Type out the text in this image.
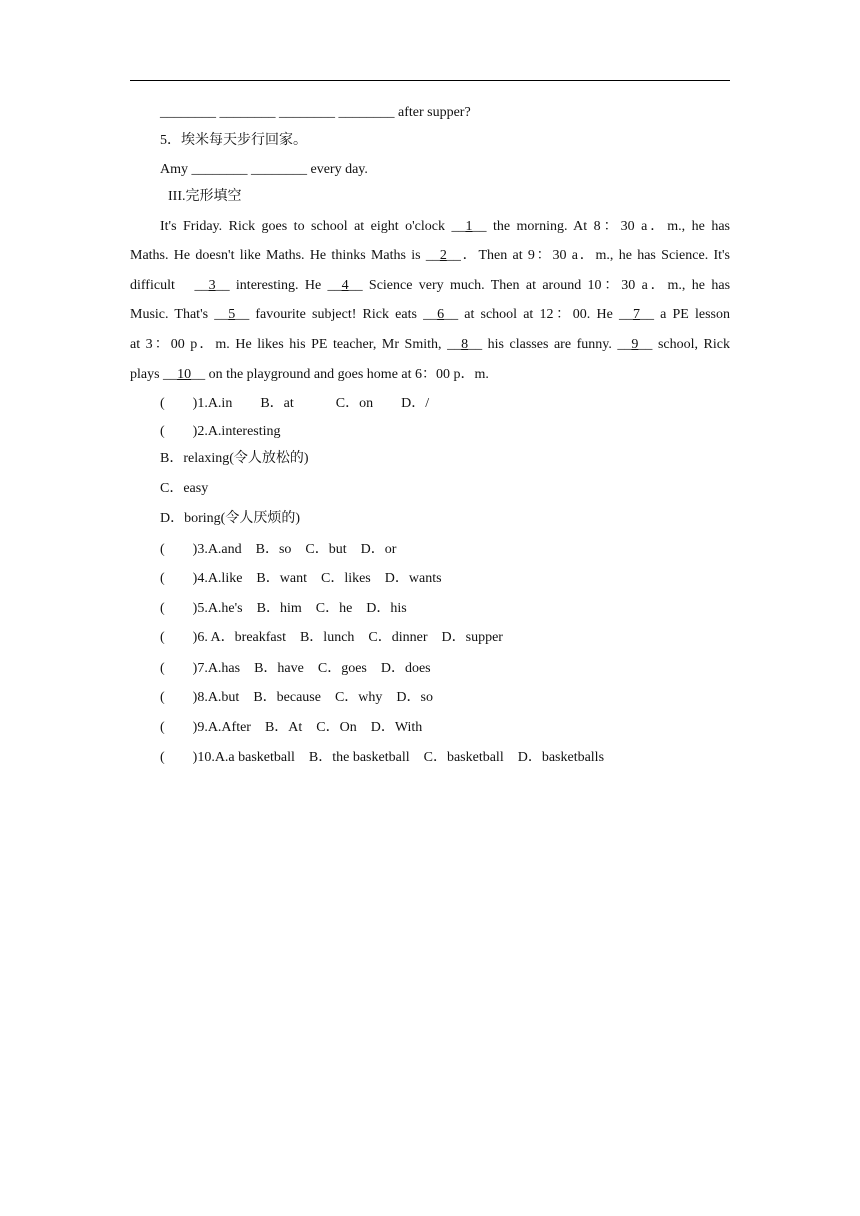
________ ________ ________ ________ after supper?
5．埃米每天步行回家。
Amy ________ ________ every day.
III.完形填空
It's Friday. Rick goes to school at eight o'clock __1__ the morning. At 8：30 a．m., he has
Maths. He doesn't like Maths. He thinks Maths is __2__．Then at 9：30 a．m., he has Science. It's
difficult　__3__ interesting. He __4__ Science very much. Then at around 10：30 a．m., he has
Music. That's __5__ favourite subject! Rick eats __6__ at school at 12：00. He __7__ a PE lesson
at 3：00 p．m. He likes his PE teacher, Mr Smith, __8__ his classes are funny. __9__ school, Rick
plays __10__ on the playground and goes home at 6：00 p．m.
(　　)1.A.in　　B．at　　　C．on　　D．/
(　　)2.A.interesting
B．relaxing(令人放松的)
C．easy
D．boring(令人厌烦的)
(　　)3.A.and　B．so　C．but　D．or
(　　)4.A.like　B．want　C．likes　D．wants
(　　)5.A.he's　B．him　C．he　D．his
(　　)6. A．breakfast　B．lunch　C．dinner　D．supper
(　　)7.A.has　B．have　C．goes　D．does
(　　)8.A.but　B．because　C．why　D．so
(　　)9.A.After　B．At　C．On　D．With
(　　)10.A.a basketball　B．the basketball　C．basketball　D．basketballs
